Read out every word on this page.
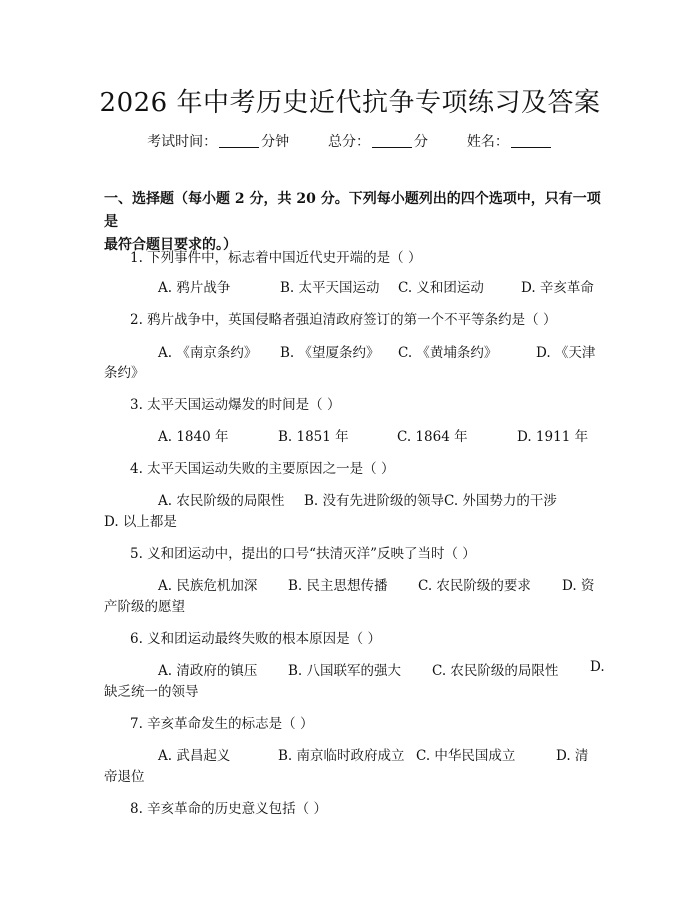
2026 年中考历史近代抗争专项练习及答案
考试时间：	分钟	总分：	分	姓名：
一、选择题（每小题 2 分，共 20 分。下列每小题列出的四个选项中，只有一项是
最符合题目要求的。）
1. 下列事件中，标志着中国近代史开端的是（ ）
A. 鸦片战争	B. 太平天国运动 C. 义和团运动	D. 辛亥革命
2. 鸦片战争中，英国侵略者强迫清政府签订的第一个不平等条约是（ ）
A. 《南京条约》 B. 《望厦条约》 C. 《黄埔条约》	D. 《天津
条约》
3. 太平天国运动爆发的时间是（ ）
A. 1840 年	B. 1851 年	C. 1864 年	D. 1911 年
4. 太平天国运动失败的主要原因之一是（ ）
A. 农民阶级的局限性 B. 没有先进阶级的领导 C. 外国势力的干涉
D. 以上都是
5. 义和团运动中，提出的口号“扶清灭洋”反映了当时（ ）
A. 民族危机加深 B. 民主思想传播 C. 农民阶级的要求 D. 资
产阶级的愿望
6. 义和团运动最终失败的根本原因是（ ）
A. 清政府的镇压 B. 八国联军的强大 C. 农民阶级的局限性 D.
缺乏统一的领导
7. 辛亥革命发生的标志是（ ）
A. 武昌起义	B. 南京临时政府成立 C. 中华民国成立	D. 清
帝退位
8. 辛亥革命的历史意义包括（ ）
